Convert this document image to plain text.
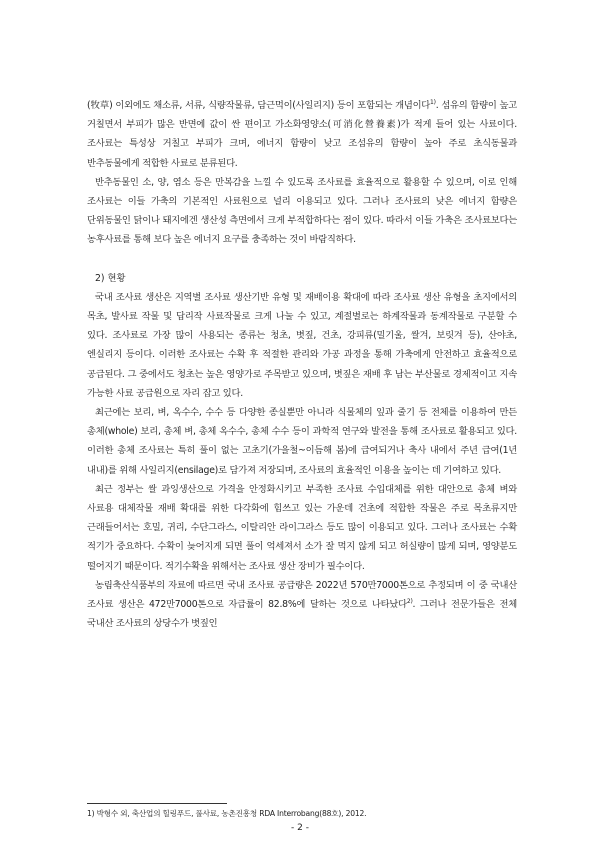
(牧草) 이외에도 채소류, 서류, 식량작물류, 담근먹이(사일리지) 등이 포함되는 개념이다$^{1)}$. 섬유의 함량이 높고 거칠면서 부피가 많은 반면에 값이 싼 편이고 가소화영양소(可消化營養素)가 적게 들어 있는 사료이다. 조사료는 특성상 거칠고 부피가 크며, 에너지 함량이 낮고 조섬유의 함량이 높아 주로 초식동물과 반추동물에게 적합한 사료로 분류된다.

반추동물인 소, 양, 염소 등은 만복감을 느낄 수 있도록 조사료를 효율적으로 활용할 수 있으며, 이로 인해 조사료는 이들 가축의 기본적인 사료원으로 널리 이용되고 있다. 그러나 조사료의 낮은 에너지 함량은 단위동물인 닭이나 돼지에겐 생산성 측면에서 크게 부적합하다는 점이 있다. 따라서 이들 가축은 조사료보다는 농후사료를 통해 보다 높은 에너지 요구를 충족하는 것이 바람직하다.

2) 현황

국내 조사료 생산은 지역별 조사료 생산기반 유형 및 재배이용 확대에 따라 조사료 생산 유형을 초지에서의 목초, 발사료 작물 및 답리작 사료작물로 크게 나눌 수 있고, 계절별로는 하계작물과 동계작물로 구분할 수 있다. 조사료로 가장 많이 사용되는 종류는 청초, 볏짚, 건초, 강피류(밀기울, 쌀겨, 보릿겨 등), 산야초, 엔실리지 등이다. 이러한 조사료는 수확 후 적절한 관리와 가공 과정을 통해 가축에게 안전하고 효율적으로 공급된다. 그 중에서도 청초는 높은 영양가로 주목받고 있으며, 볏짚은 재배 후 남는 부산물로 경제적이고 지속 가능한 사료 공급원으로 자리 잡고 있다.

최근에는 보리, 벼, 옥수수, 수수 등 다양한 종실뿐만 아니라 식물체의 잎과 줄기 등 전체를 이용하여 만든 총체(whole) 보리, 총체 벼, 총체 옥수수, 총체 수수 등이 과학적 연구와 발전을 통해 조사료로 활용되고 있다. 이러한 총체 조사료는 특히 풀이 없는 고초기(가을철~이듬해 봄)에 급여되거나 축사 내에서 주년 급여(1년 내내)를 위해 사일리지(ensilage)로 담가져 저장되며, 조사료의 효율적인 이용을 높이는 데 기여하고 있다.

최근 정부는 쌀 과잉생산으로 가격을 안정화시키고 부족한 조사료 수입대체를 위한 대안으로 총체 벼와 사료용 대체작물 재배 확대를 위한 다각화에 힘쓰고 있는 가운데 건초에 적합한 작물은 주로 목초류지만 근래들어서는 호밀, 귀리, 수단그라스, 이탈리안 라이그라스 등도 많이 이용되고 있다. 그러나 조사료는 수확 적기가 중요하다. 수확이 늦어지게 되면 풀이 억세져서 소가 잘 먹지 않게 되고 허실량이 많게 되며, 영양분도 떨어지기 때문이다. 적기수확을 위해서는 조사료 생산 장비가 필수이다.

농림축산식품부의 자료에 따르면 국내 조사료 공급량은 2022년 570만7000톤으로 추정되며 이 중 국내산 조사료 생산은 472만7000톤으로 자급률이 82.8%에 달하는 것으로 나타났다$^{2)}$. 그러나 전문가들은 전체 국내산 조사료의 상당수가 볏짚인

1) 박형수 외, 축산업의 힐링푸드, 풀사료, 농촌진흥청 RDA Interrobang(88호), 2012.
- 2 -
